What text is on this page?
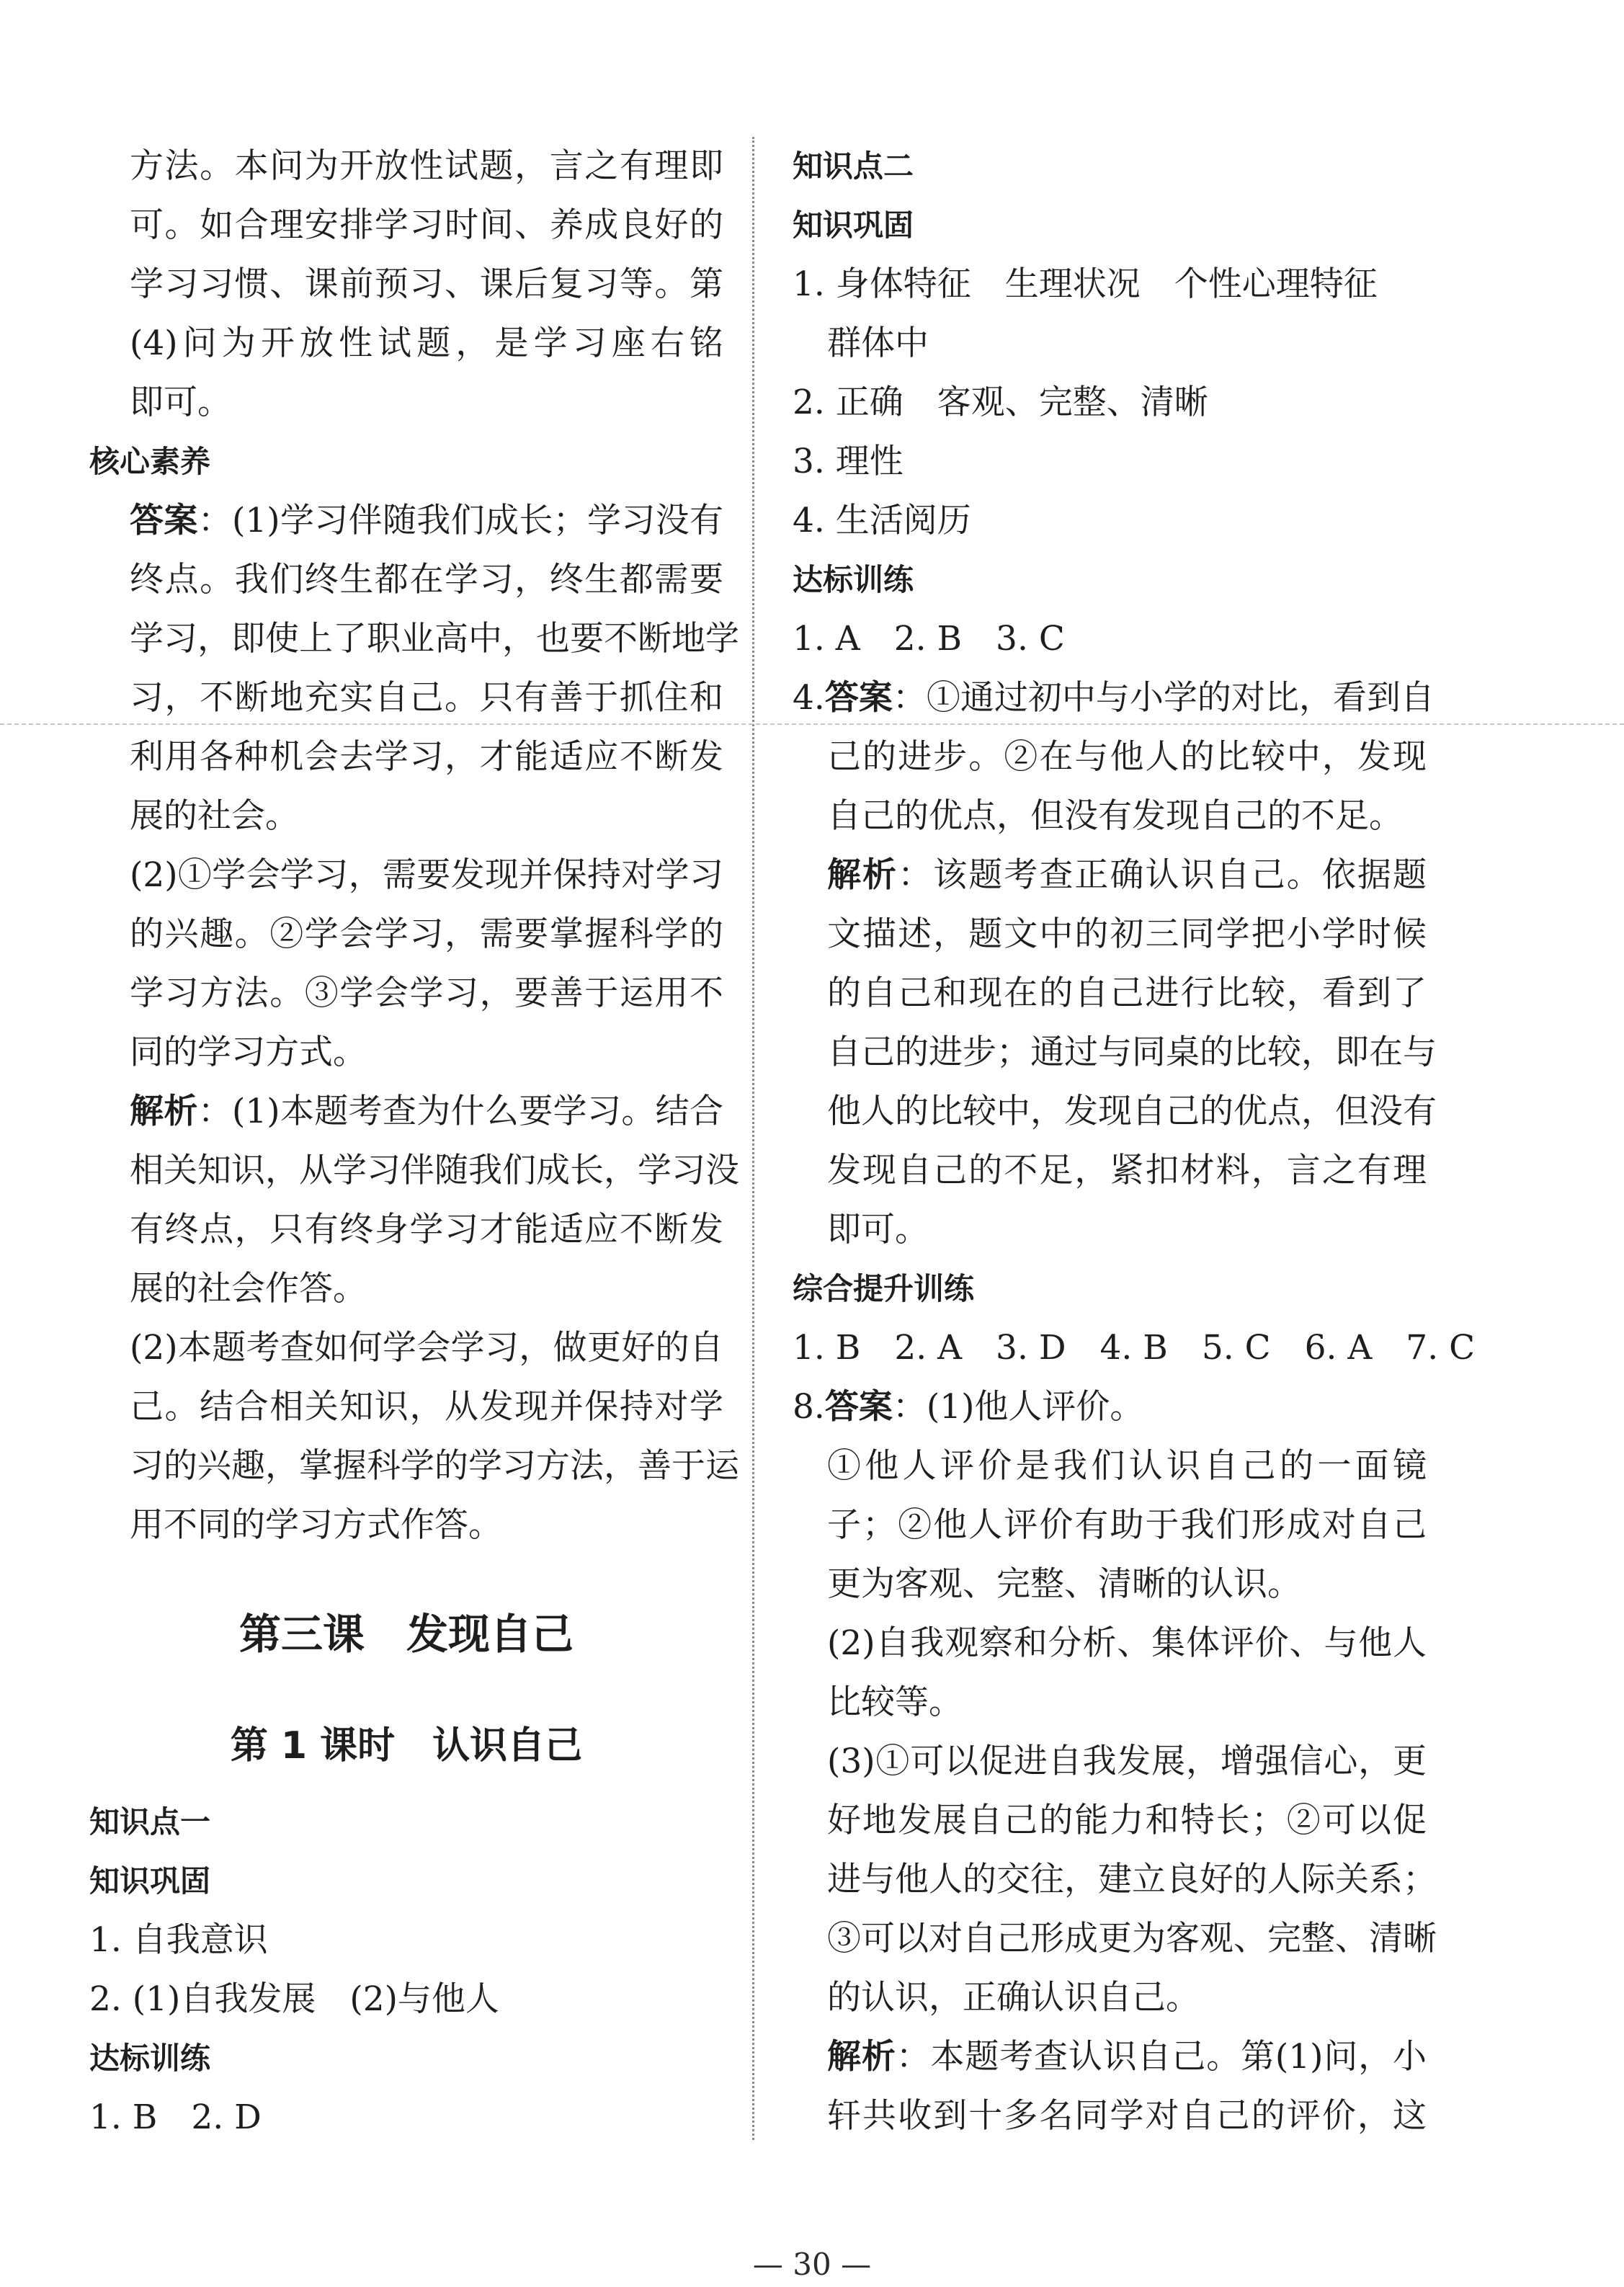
方法。本问为开放性试题，言之有理即
可。如合理安排学习时间、养成良好的
学习习惯、课前预习、课后复习等。第
(4)问为开放性试题，是学习座右铭
即可。
核心素养
答案：(1)学习伴随我们成长；学习没有
终点。我们终生都在学习，终生都需要
学习，即使上了职业高中，也要不断地学
习，不断地充实自己。只有善于抓住和
利用各种机会去学习，才能适应不断发
展的社会。
(2)①学会学习，需要发现并保持对学习
的兴趣。②学会学习，需要掌握科学的
学习方法。③学会学习，要善于运用不
同的学习方式。
解析：(1)本题考查为什么要学习。结合
相关知识，从学习伴随我们成长，学习没
有终点，只有终身学习才能适应不断发
展的社会作答。
(2)本题考查如何学会学习，做更好的自
己。结合相关知识，从发现并保持对学
习的兴趣，掌握科学的学习方法，善于运
用不同的学习方式作答。
第三课　发现自己
第 1 课时　认识自己
知识点一
知识巩固
1. 自我意识
2. (1)自我发展　(2)与他人
达标训练
1. B　2. D
知识点二
知识巩固
1. 身体特征　生理状况　个性心理特征
群体中
2. 正确　客观、完整、清晰
3. 理性
4. 生活阅历
达标训练
1. A　2. B　3. C
4.答案：①通过初中与小学的对比，看到自
己的进步。②在与他人的比较中，发现
自己的优点，但没有发现自己的不足。
解析：该题考查正确认识自己。依据题
文描述，题文中的初三同学把小学时候
的自己和现在的自己进行比较，看到了
自己的进步；通过与同桌的比较，即在与
他人的比较中，发现自己的优点，但没有
发现自己的不足，紧扣材料，言之有理
即可。
综合提升训练
1. B　2. A　3. D　4. B　5. C　6. A　7. C
8.答案：(1)他人评价。
①他人评价是我们认识自己的一面镜
子；②他人评价有助于我们形成对自己
更为客观、完整、清晰的认识。
(2)自我观察和分析、集体评价、与他人
比较等。
(3)①可以促进自我发展，增强信心，更
好地发展自己的能力和特长；②可以促
进与他人的交往，建立良好的人际关系；
③可以对自己形成更为客观、完整、清晰
的认识，正确认识自己。
解析：本题考查认识自己。第(1)问，小
轩共收到十多名同学对自己的评价，这
— 30 —
